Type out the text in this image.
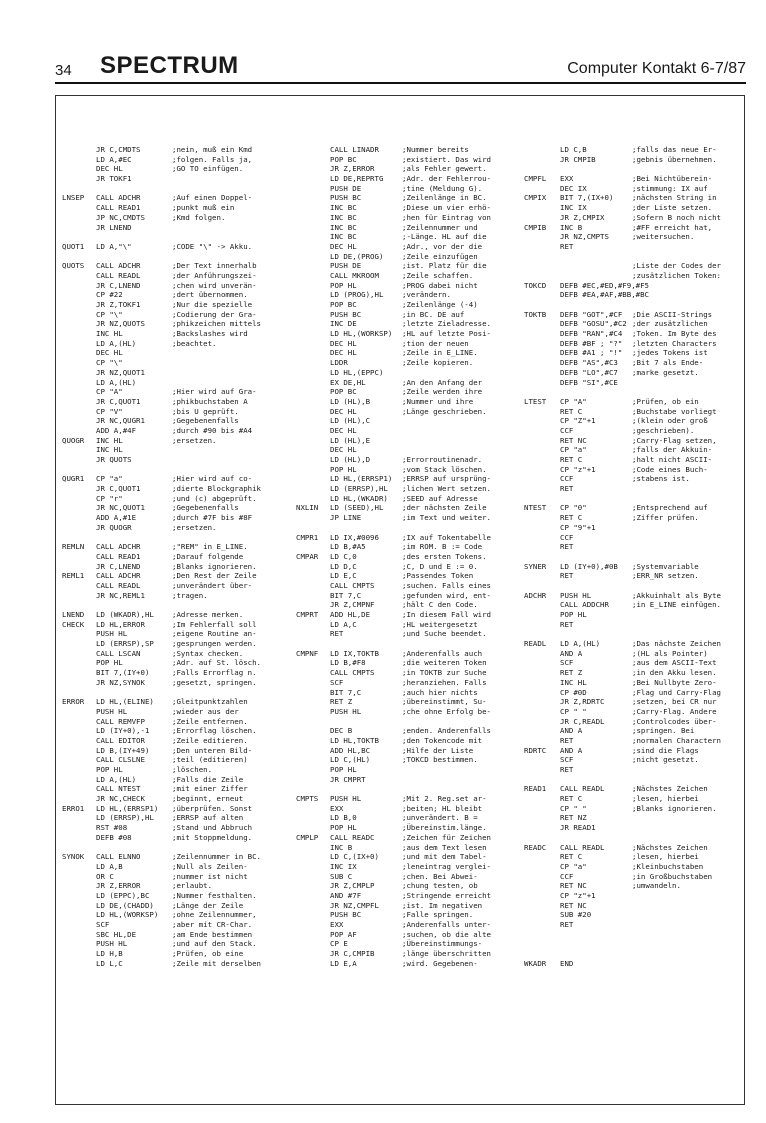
34 SPECTRUM	Computer Kontakt 6-7/87
JR C,CMDTS	;nein, muß ein Kmd
LD A,#EC	;folgen. Falls ja,
DEC HL	;GO TO einfügen.
JR TOKF1
LNSEP CALL ADCHR	;Auf einen Doppel-
CALL READ1	;punkt muß ein
JP NC,CMDTS	;Kmd folgen.
JR LNEND
QUOT1 LD A,"\"	;CODE "\" -> Akku.
QUOTS CALL ADCHR	;Der Text innerhalb
CALL READL	;der Anführungszei-
JR C,LNEND	;chen wird unverän-
CP #22	;dert übernommen.
JR Z,TOKF1	;Nur die spezielle
CP "\"	;Codierung der Gra-
JR NZ,QUOTS	;phikzeichen mittels
INC HL	;Backslashes wird
LD A,(HL)	;beachtet.
DEC HL
CP "\"
JR NZ,QUOT1
LD A,(HL)
CP "A"	;Hier wird auf Gra-
JR C,QUOT1	;phikbuchstaben A
CP "V"	;bis U geprüft.
JR NC,QUGR1	;Gegebenenfalls
ADD A,#4F	;durch #90 bis #A4
QUOGR INC HL	;ersetzen.
INC HL
JR QUOTS
QUGR1 CP "a"	;Hier wird auf co-
JR C,QUOT1	;dierte Blockgraphik
CP "r"	;und (c) abgeprüft.
JR NC,QUOT1	;Gegebenenfalls
ADD A,#1E	;durch #7F bis #8F
JR QUOGR	;ersetzen.
REMLN CALL ADCHR	;"REM" in E_LINE.
CALL READ1	;Darauf folgende
JR C,LNEND	;Blanks ignorieren.
REML1 CALL ADCHR	;Den Rest der Zeile
CALL READL	;unverändert über-
JR NC,REML1	;tragen.
LNEND LD (WKADR),HL ;Adresse merken.
CHECK LD HL,ERROR	;Im Fehlerfall soll
PUSH HL	;eigene Routine an-
LD (ERRSP),SP ;gesprungen werden.
CALL LSCAN	;Syntax checken.
POP HL	;Adr. auf St. lösch.
BIT 7,(IY+0)	;Falls Errorflag n.
JR NZ,SYNOK	;gesetzt, springen.
ERROR LD HL,(ELINE) ;Gleitpunktzahlen
PUSH HL	;wieder aus der
CALL REMVFP	;Zeile entfernen.
LD (IY+0),-1	;Errorflag löschen.
CALL EDITOR	;Zeile editieren.
LD B,(IY+49)	;Den unteren Bild-
CALL CLSLNE	;teil (editieren)
POP HL	;löschen.
LD A,(HL)	;Falls die Zeile
CALL NTEST	;mit einer Ziffer
JR NC,CHECK	;beginnt, erneut
ERRO1 LD HL,(ERRSP1) ;überprüfen. Sonst
LD (ERRSP),HL ;ERRSP auf alten
RST #08	;Stand und Abbruch
DEFB #08	;mit Stoppmeldung.
SYNOK CALL ELNNO	;Zeilennummer in BC.
LD A,B	;Null als Zeilen-
OR C	;nummer ist nicht
JR Z,ERROR	;erlaubt.
LD (EPPC),BC	;Nummer festhalten.
LD DE,(CHADD) ;Länge der Zeile
LD HL,(WORKSP) ;ohne Zeilennummer,
SCF	;aber mit CR-Char.
SBC HL,DE	;am Ende bestimmen
PUSH HL	;und auf den Stack.
LD H,B	;Prüfen, ob eine
LD L,C	;Zeile mit derselben
CALL LINADR	;Nummer bereits
POP BC	;existiert. Das wird
JR Z,ERROR	;als Fehler gewert.
LD DE,REPRTG	;Adr. der Fehlerrou-
PUSH DE	;tine (Meldung G).
PUSH BC	;Zeilenlänge in BC.
INC BC	;Diese um vier erhö-
INC BC	;hen für Eintrag von
INC BC	;Zeilennummer und
INC BC	;-Länge. HL auf die
DEC HL	;Adr., vor der die
LD DE,(PROG)	;Zeile einzufügen
PUSH DE	;ist. Platz für die
CALL MKROOM	;Zeile schaffen.
POP HL	;PROG dabei nicht
LD (PROG),HL	;verändern.
POP BC	;Zeilenlänge (-4)
PUSH BC	;in BC. DE auf
INC DE	;letzte Zieladresse.
LD HL,(WORKSP) ;HL auf letzte Posi-
DEC HL	;tion der neuen
DEC HL	;Zeile in E_LINE.
LDDR	;Zeile kopieren.
LD HL,(EPPC)
EX DE,HL	;An den Anfang der
POP BC	;Zeile werden ihre
LD (HL),B	;Nummer und ihre
DEC HL	;Länge geschrieben.
LD (HL),C
DEC HL
LD (HL),E
DEC HL
LD (HL),D	;Errorroutinenadr.
POP HL	;vom Stack löschen.
LD HL,(ERRSP1) ;ERRSP auf ursprüng-
LD (ERRSP),HL ;lichen Wert setzen.
LD HL,(WKADR) ;SEED auf Adresse
NXLIN LD (SEED),HL	;der nächsten Zeile
JP LINE	;im Text und weiter.
CMPR1 LD IX,#0096	;IX auf Tokentabelle
LD B,#A5	;im ROM. B := Code
CMPAR LD C,0	;des ersten Tokens.
LD D,C	;C, D und E := 0.
LD E,C	;Passendes Token
CALL CMPTS	;suchen. Falls eines
BIT 7,C	;gefunden wird, ent-
JR Z,CMPNF	;hält C den Code.
CMPRT ADD HL,DE	;In diesem Fall wird
LD A,C	;HL weitergesetzt
RET	;und Suche beendet.
CMPNF LD IX,TOKTB	;Anderenfalls auch
LD B,#F8	;die weiteren Token
CALL CMPTS	;in TOKTB zur Suche
SCF	;heranziehen. Falls
BIT 7,C	;auch hier nichts
RET Z	;übereinstimmt, Su-
PUSH HL	;che ohne Erfolg be-
DEC B	;enden. Anderenfalls
LD HL,TOKTB	;den Tokencode mit
ADD HL,BC	;Hilfe der Liste
LD C,(HL)	;TOKCD bestimmen.
POP HL
JR CMPRT
CMPTS PUSH HL	;Mit 2. Reg.set ar-
EXX	;beiten; HL bleibt
LD B,0	;unverändert. B =
POP HL	;Übereinstim.länge.
CMPLP CALL READC	;Zeichen für Zeichen
INC B	;aus dem Text lesen
LD C,(IX+0)	;und mit dem Tabel-
INC IX	;leneintrag verglei-
SUB C	;chen. Bei Abwei-
JR Z,CMPLP	;chung testen, ob
AND #7F	;Stringende erreicht
JR NZ,CMPFL	;ist. Im negativen
PUSH BC	;Falle springen.
EXX	;Anderenfalls unter-
POP AF	;suchen, ob die alte
CP E	;Übereinstimmungs-
JR C,CMPIB	;länge überschritten
LD E,A	;wird. Gegebenen-
LD C,B	;falls das neue Er-
JR CMPIB	;gebnis übernehmen.
CMPFL EXX	;Bei Nichtüberein-
DEC IX	;stimmung: IX auf
CMPIX BIT 7,(IX+0)	;nächsten String in
INC IX	;der Liste setzen.
JR Z,CMPIX	;Sofern B noch nicht
CMPIB INC B	;#FF erreicht hat,
JR NZ,CMPTS	;weitersuchen.
RET
;Liste der Codes der
;zusätzlichen Token:
TOKCD DEFB #EC,#ED,#F9,#F5
DEFB #EA,#AF,#BB,#BC
TOKTB DEFB "GOT",#CF ;Die ASCII-Strings
DEFB "GOSU",#C2 ;der zusätzlichen
DEFB "RAN",#C4 ;Token. Im Byte des
DEFB #BF ; "?" ;letzten Characters
DEFB #A1 ; "!" ;jedes Tokens ist
DEFB "AS",#C3 ;Bit 7 als Ende-
DEFB "LO",#C7 ;marke gesetzt.
DEFB "SI",#CE
LTEST CP "A"	;Prüfen, ob ein
RET C	;Buchstabe vorliegt
CP "Z"+1	;(klein oder groß
CCF	;geschrieben).
RET NC	;Carry-Flag setzen,
CP "a"	;falls der Akkuin-
RET C	;halt nicht ASCII-
CP "z"+1	;Code eines Buch-
CCF	;stabens ist.
RET
NTEST CP "0"	;Entsprechend auf
RET C	;Ziffer prüfen.
CP "9"+1
CCF
RET
SYNER LD (IY+0),#0B ;Systemvariable
RET	;ERR_NR setzen.
ADCHR PUSH HL	;Akkuinhalt als Byte
CALL ADDCHR	;in E_LINE einfügen.
POP HL
RET
READL LD A,(HL)	;Das nächste Zeichen
AND A	;(HL als Pointer)
SCF	;aus dem ASCII-Text
RET Z	;in den Akku lesen.
INC HL	;Bei Nullbyte Zero-
CP #0D	;Flag und Carry-Flag
JR Z,RDRTC	;setzen, bei CR nur
CP " "	;Carry-Flag. Andere
JR C,READL	;Controlcodes über-
AND A	;springen. Bei
RET	;normalen Charactern
RDRTC AND A	;sind die Flags
SCF	;nicht gesetzt.
RET
READ1 CALL READL	;Nächstes Zeichen
RET C	;lesen, hierbei
CP " "	;Blanks ignorieren.
RET NZ
JR READ1
READC CALL READL	;Nächstes Zeichen
RET C	;lesen, hierbei
CP "a"	;Kleinbuchstaben
CCF	;in Großbuchstaben
RET NC	;umwandeln.
CP "z"+1
RET NC
SUB #20
RET
WKADR END
